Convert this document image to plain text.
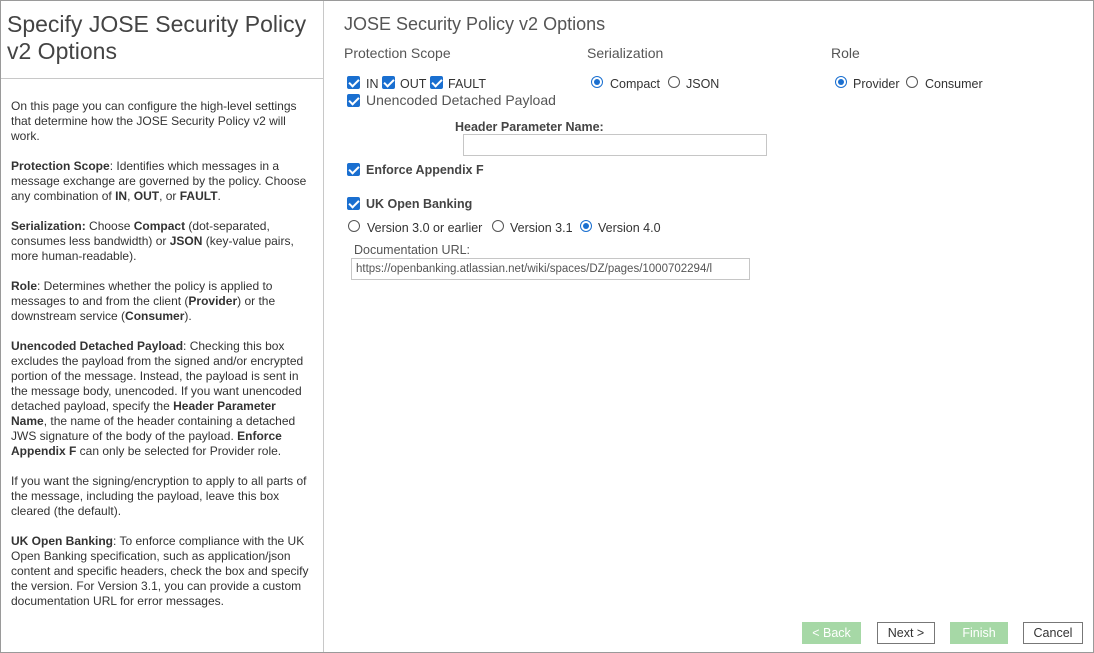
Specify JOSE Security Policy v2 Options

On this page you can configure the high-level settings that determine how the JOSE Security Policy v2 will work.

Protection Scope: Identifies which messages in a message exchange are governed by the policy. Choose any combination of IN, OUT, or FAULT.

Serialization: Choose Compact (dot-separated, consumes less bandwidth) or JSON (key-value pairs, more human-readable).

Role: Determines whether the policy is applied to messages to and from the client (Provider) or the downstream service (Consumer).

Unencoded Detached Payload: Checking this box excludes the payload from the signed and/or encrypted portion of the message. Instead, the payload is sent in the message body, unencoded. If you want unencoded detached payload, specify the Header Parameter Name, the name of the header containing a detached JWS signature of the body of the payload. Enforce Appendix F can only be selected for Provider role.

If you want the signing/encryption to apply to all parts of the message, including the payload, leave this box cleared (the default).

UK Open Banking: To enforce compliance with the UK Open Banking specification, such as application/json content and specific headers, check the box and specify the version. For Version 3.1, you can provide a custom documentation URL for error messages.

JOSE Security Policy v2 Options
Protection Scope	Serialization	Role
IN OUT FAULT	Compact JSON	Provider Consumer
Unencoded Detached Payload
Header Parameter Name:
Enforce Appendix F
UK Open Banking
Version 3.0 or earlier Version 3.1 Version 4.0
Documentation URL:
https://openbanking.atlassian.net/wiki/spaces/DZ/pages/1000702294/l
< Back	Next >	Finish	Cancel
